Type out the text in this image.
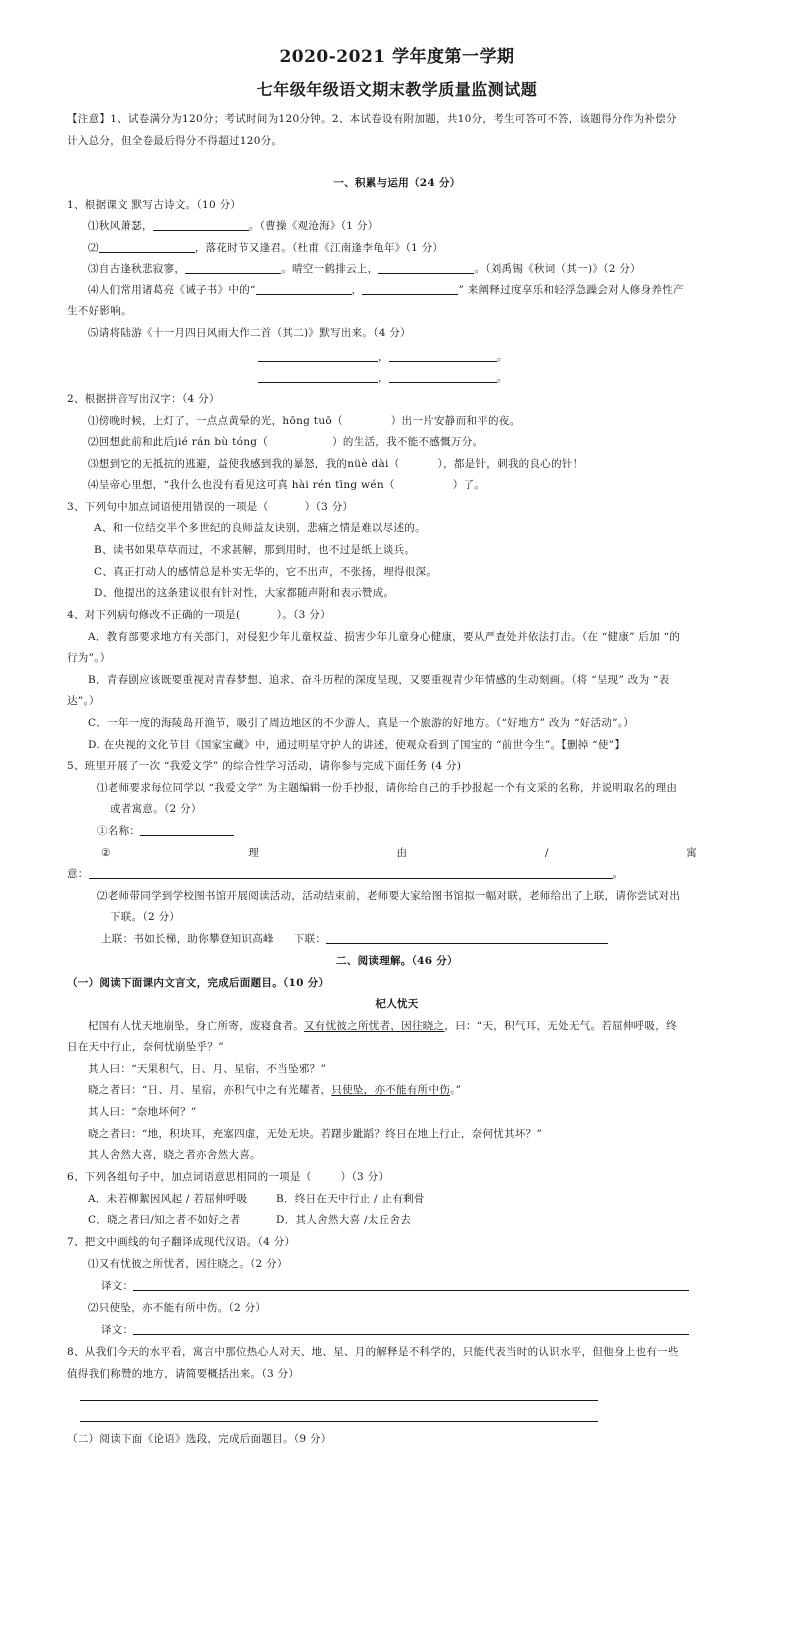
2020-2021 学年度第一学期
七年级年级语文期末教学质量监测试题
【注意】1、试卷满分为120分；考试时间为120分钟。2、本试卷设有附加题，共10分，考生可答可不答，该题得分作为补偿分
计入总分，但全卷最后得分不得超过120分。
一、积累与运用（24 分）
1、根据课文 默写古诗文。（10 分）
⑴秋风萧瑟，	。（曹操《观沧海》（1 分）
⑵	，落花时节又逢君。（杜甫《江南逢李龟年》（1 分）
⑶自古逢秋悲寂寥，	。晴空一鹤排云上，	。（刘禹锡《秋词（其一)》（2 分）
⑷人们常用诸葛亮《诫子书》中的“	，	” 来阐释过度享乐和轻浮急躁会对人修身养性产
生不好影响。
⑸请将陆游《十一月四日风雨大作二首（其二)》默写出来。（4 分）
，	。
，	。
2、根据拼音写出汉字：（4 分）
⑴傍晚时候，上灯了，一点点黄晕的光，hōng tuō（	）出一片安静而和平的夜。
⑵回想此前和此后jié rán bù tóng（	）的生活，我不能不感慨万分。
⑶想到它的无抵抗的逃避，益使我感到我的暴怒，我的nüè dài（	），都是针，刺我的良心的针！
⑷呈帝心里想，“我什么也没有看见这可真 hài rén tīng wén（	）了。
3、下列句中加点词语使用错误的一项是（          ）（3 分）
A、和一位结交半个多世纪的良师益友诀别，悲痛之情是难以尽述的。
B、读书如果草草而过，不求甚解，那到用时，也不过是纸上谈兵。
C、真正打动人的感情总是朴实无华的，它不出声，不张扬，埋得很深。
D、他提出的这条建议很有针对性，大家都随声附和表示赞成。
4、对下列病句修改不正确的一项是(          ）。（3 分）
A．教育部要求地方有关部门，对侵犯少年儿童权益、损害少年儿童身心健康，要从严查处并依法打击。（在 “健康” 后加 “的
行为”。）
B．青春剧应该既要重视对青春梦想、追求、奋斗历程的深度呈现，又要重视青少年情感的生动刻画。（将 “呈现” 改为 “表
达”。）
C．一年一度的海陵岛开渔节，吸引了周边地区的不少游人，真是一个旅游的好地方。（“好地方” 改为 “好活动”。）
D. 在央视的文化节目《国家宝藏》中，通过明星守护人的讲述，使观众看到了国宝的 “前世今生”。【删掉 “使”】
5、班里开展了一次 “我爱文学” 的综合性学习活动，请你参与完成下面任务 (4 分)
⑴老师要求每位同学以 “我爱文学” 为主题编辑一份手抄报，请你给自己的手抄报起一个有文采的名称，并说明取名的理由
或者寓意。（2 分）
①名称：
②	理	由	/	寓
意：	。
⑵老师带同学到学校图书馆开展阅读活动，活动结束前，老师要大家给图书馆拟一幅对联，老师给出了上联，请你尝试对出
下联。（2 分）
上联：书如长梯，助你攀登知识高峰 下联：
二、阅读理解。（46 分）
（一）阅读下面课内文言文，完成后面题目。（10 分）
杞人忧天
杞国有人忧天地崩坠，身亡所寄，废寝食者。又有忧彼之所忧者，因往晓之，曰：“天，积气耳，无处无气。若屈伸呼吸，终
日在天中行止，奈何忧崩坠乎？”
其人曰：“天果积气，日、月、星宿，不当坠邪？”
晓之者曰：“日、月、星宿，亦积气中之有光耀者，只使坠，亦不能有所中伤。”
其人曰：“奈地坏何？”
晓之者曰：“地，积块耳，充塞四虚，无处无块。若躇步跐蹈？终日在地上行止，奈何忧其坏？”
其人舍然大喜，晓之者亦舍然大喜。
6、下列各组句子中，加点词语意思相同的一项是（        ）（3 分）
A．未若柳絮因风起 / 若屈伸呼吸	B．终日在天中行止 / 止有剩骨
C．晓之者曰/知之者不如好之者	D．其人舍然大喜 /太丘舍去
7、把文中画线的句子翻译成现代汉语。（4 分）
⑴又有忧彼之所忧者，因往晓之。（2 分）
译文：
⑵只使坠，亦不能有所中伤。（2 分）
译文：
8、从我们今天的水平看，寓言中那位热心人对天、地、星、月的解释是不科学的，只能代表当时的认识水平，但他身上也有一些
值得我们称赞的地方，请简要概括出来。（3 分）
（二）阅读下面《论语》选段，完成后面题目。（9 分）
